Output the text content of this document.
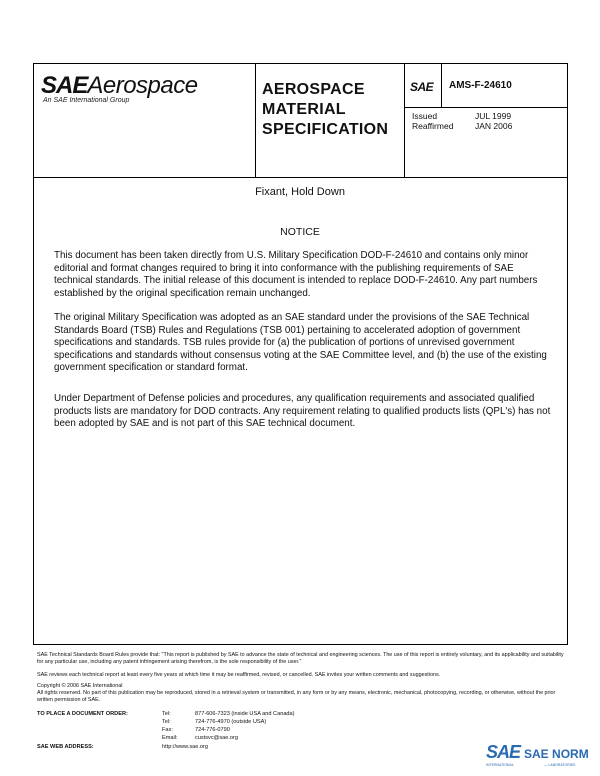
SAEAerospace
An SAE International Group
AEROSPACE
MATERIAL
SPECIFICATION
SAE AMS-F-24610
Issued	JUL 1999
Reaffirmed	JAN 2006
Fixant, Hold Down
NOTICE
This document has been taken directly from U.S. Military Specification DOD-F-24610 and contains only minor editorial and format changes required to bring it into conformance with the publishing requirements of SAE technical standards. The initial release of this document is intended to replace DOD-F-24610. Any part numbers established by the original specification remain unchanged.
The original Military Specification was adopted as an SAE standard under the provisions of the SAE Technical Standards Board (TSB) Rules and Regulations (TSB 001) pertaining to accelerated adoption of government specifications and standards. TSB rules provide for (a) the publication of portions of unrevised government specifications and standards without consensus voting at the SAE Committee level, and (b) the use of the existing government specification or standard format.
Under Department of Defense policies and procedures, any qualification requirements and associated qualified products lists are mandatory for DOD contracts. Any requirement relating to qualified products lists (QPL's) has not been adopted by SAE and is not part of this SAE technical document.
SAE Technical Standards Board Rules provide that: "This report is published by SAE to advance the state of technical and engineering sciences. The use of this report is entirely voluntary, and its applicability and suitability for any particular use, including any patent infringement arising therefrom, is the sole responsibility of the user."
SAE reviews each technical report at least every five years at which time it may be reaffirmed, revised, or cancelled. SAE invites your written comments and suggestions.
Copyright © 2006 SAE International
All rights reserved. No part of this publication may be reproduced, stored in a retrieval system or transmitted, in any form or by any means, electronic, mechanical, photocopying, recording, or otherwise, without the prior written permission of SAE.
TO PLACE A DOCUMENT ORDER:	Tel:	877-606-7323 (inside USA and Canada)
Tel:	724-776-4970 (outside USA)
Fax:	724-776-0790
Email:	custsvc@sae.org
SAE WEB ADDRESS:	http://www.sae.org	SAE SAE NORM
INTERNATIONAL	— LABORATORIES
